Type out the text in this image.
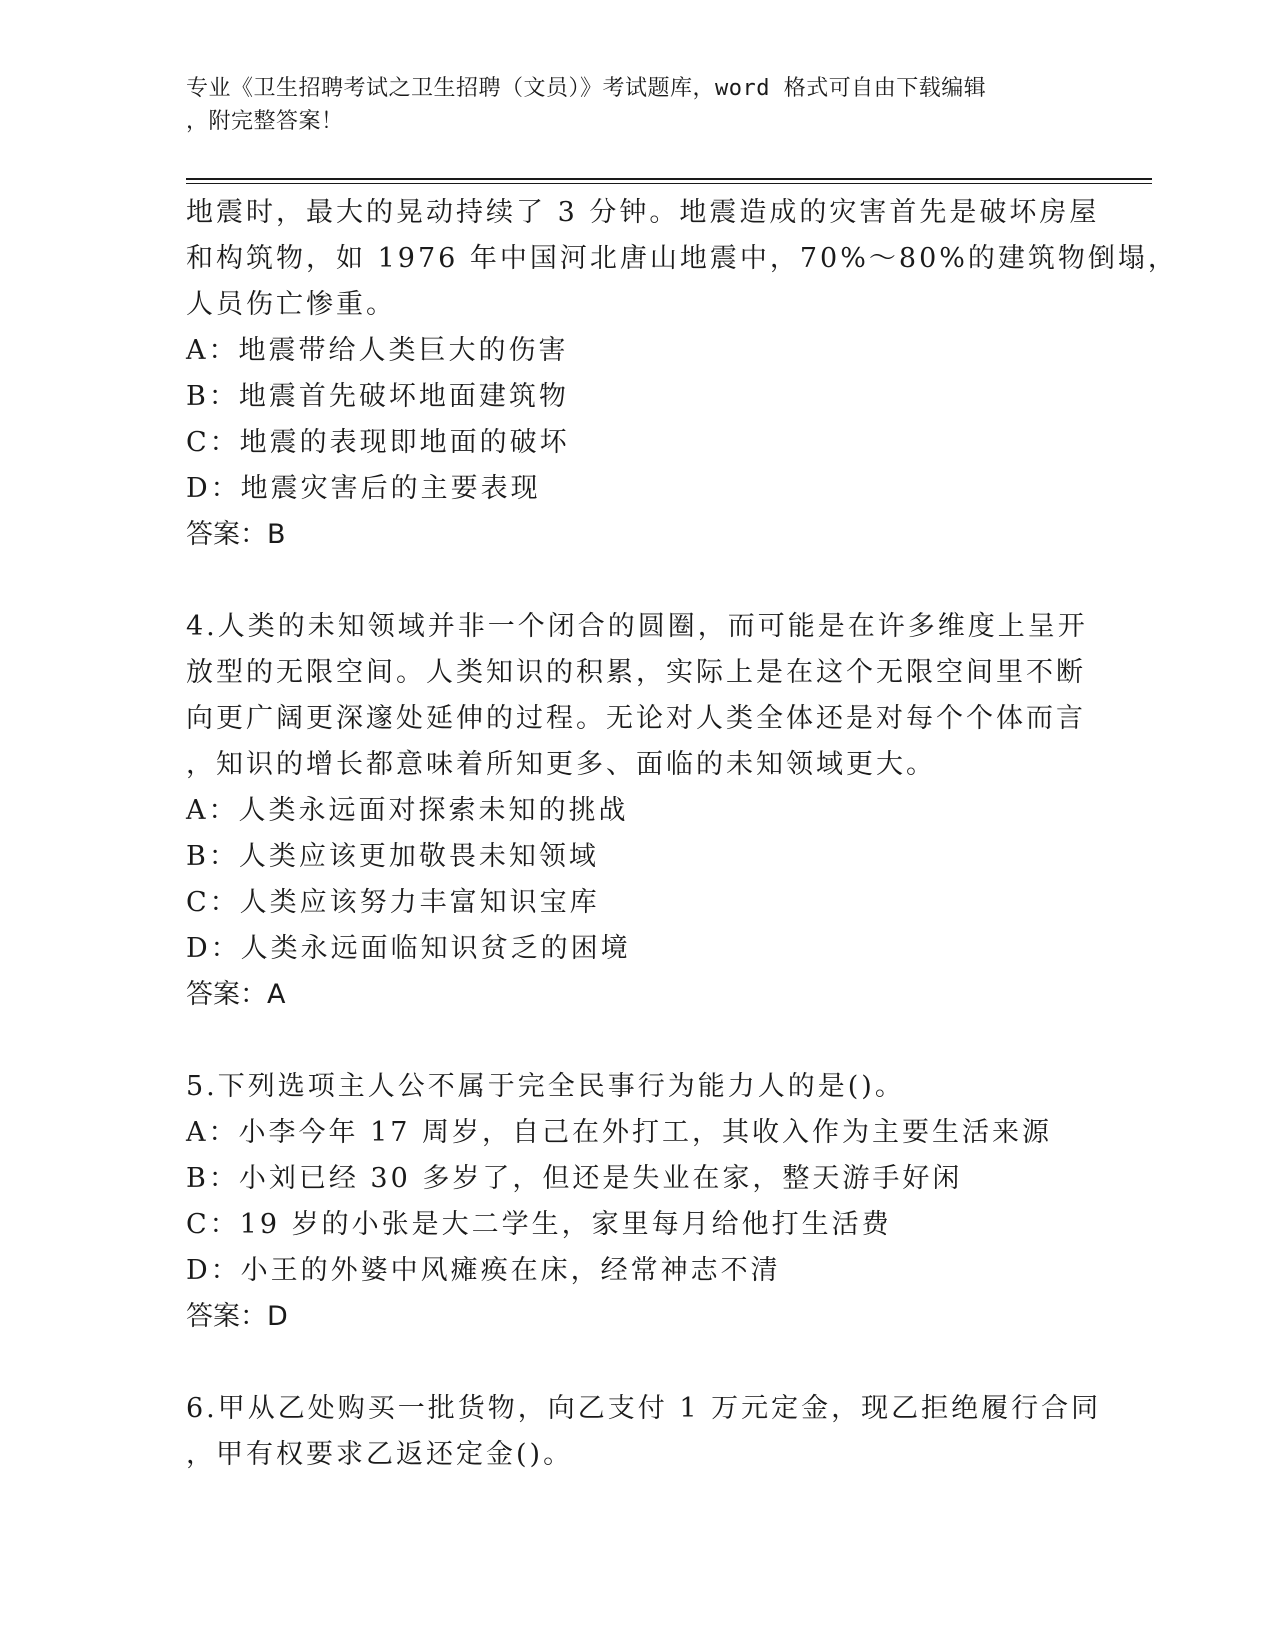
专业《卫生招聘考试之卫生招聘（文员）》考试题库，word 格式可自由下载编辑
，附完整答案！
地震时，最大的晃动持续了 3 分钟。地震造成的灾害首先是破坏房屋
和构筑物，如 1976 年中国河北唐山地震中，70%～80%的建筑物倒塌，
人员伤亡惨重。
A：地震带给人类巨大的伤害
B：地震首先破坏地面建筑物
C：地震的表现即地面的破坏
D：地震灾害后的主要表现
答案：B
4.人类的未知领域并非一个闭合的圆圈，而可能是在许多维度上呈开
放型的无限空间。人类知识的积累，实际上是在这个无限空间里不断
向更广阔更深邃处延伸的过程。无论对人类全体还是对每个个体而言
，知识的增长都意味着所知更多、面临的未知领域更大。
A：人类永远面对探索未知的挑战
B：人类应该更加敬畏未知领域
C：人类应该努力丰富知识宝库
D：人类永远面临知识贫乏的困境
答案：A
5.下列选项主人公不属于完全民事行为能力人的是()。
A：小李今年 17 周岁，自己在外打工，其收入作为主要生活来源
B：小刘已经 30 多岁了，但还是失业在家，整天游手好闲
C：19 岁的小张是大二学生，家里每月给他打生活费
D：小王的外婆中风瘫痪在床，经常神志不清
答案：D
6.甲从乙处购买一批货物，向乙支付 1 万元定金，现乙拒绝履行合同
，甲有权要求乙返还定金()。
